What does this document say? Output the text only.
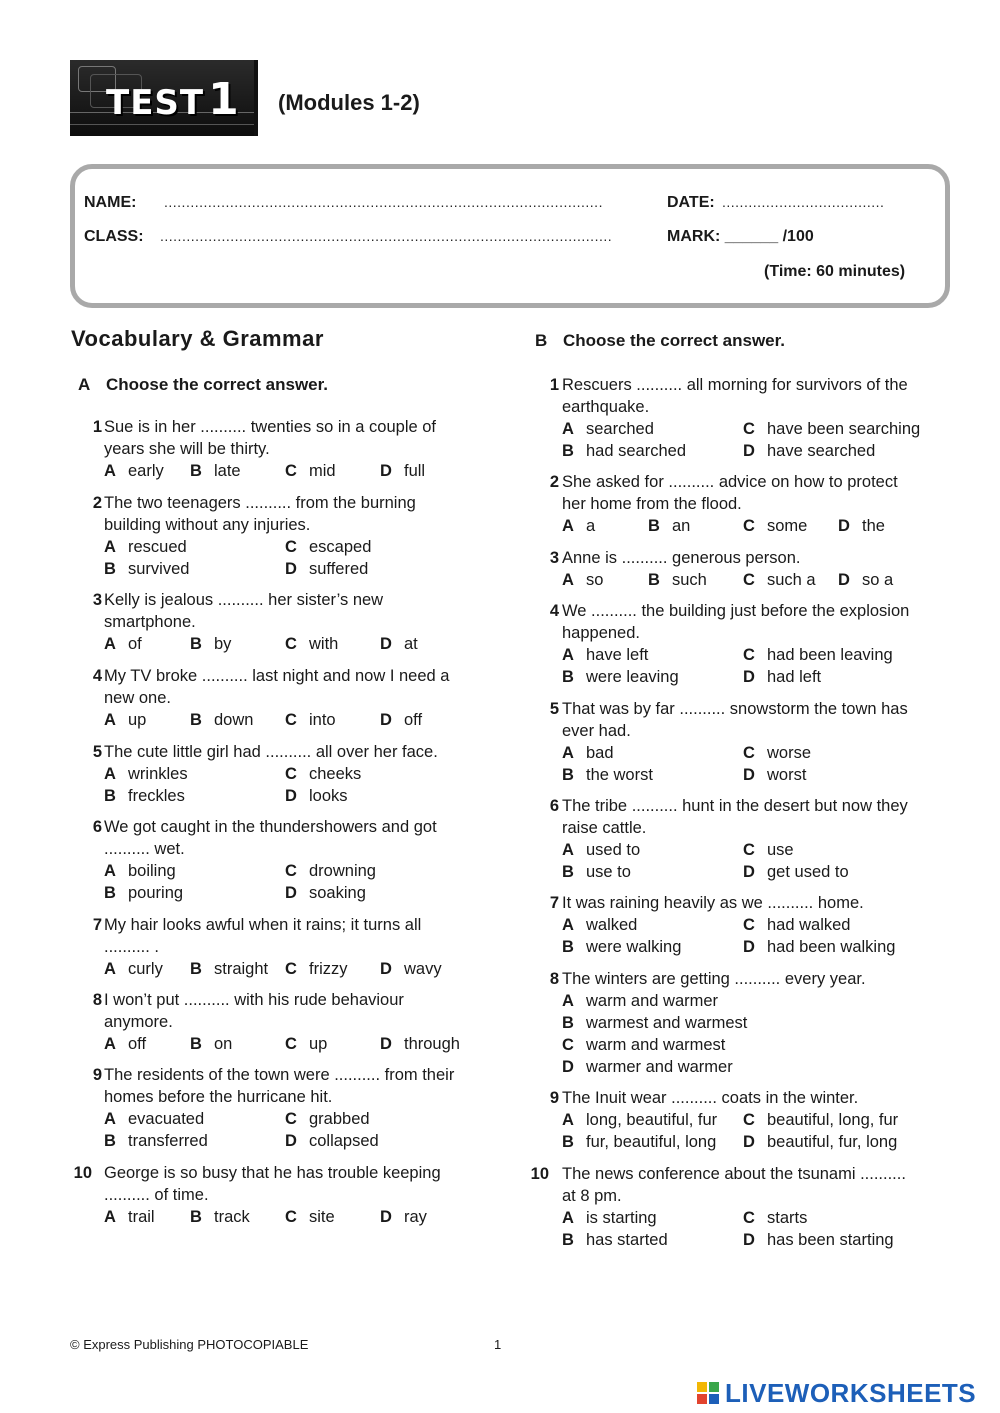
TEST1 (Modules 1-2)
NAME: ....................................................................................................	DATE: .....................................
CLASS: .......................................................................................................	MARK: ______ /100
(Time: 60 minutes)
Vocabulary & Grammar
A Choose the correct answer.
B Choose the correct answer.
1 Sue is in her .......... twenties so in a couple of
years she will be thirty.
A early B late	C mid	D full
2 The two teenagers .......... from the burning
building without any injuries.
A rescued
B survived
C escaped
D suffered
3 Kelly is jealous .......... her sister’s new
smartphone.
A of	B by	C with	D at
4 My TV broke .......... last night and now I need a
new one.
A up	B down C into	D off
5 The cute little girl had .......... all over her face.
A wrinkles
B freckles
C cheeks
D looks
6 We got caught in the thundershowers and got
.......... wet.
A boiling
B pouring
C drowning
D soaking
7 My hair looks awful when it rains; it turns all
.......... .
A curly B straight C frizzy D wavy
8 I won’t put .......... with his rude behaviour
anymore.
A off	B on	C up	D through
9 The residents of the town were .......... from their
homes before the hurricane hit.
A evacuated
B transferred
C grabbed
D collapsed
10 George is so busy that he has trouble keeping
.......... of time.
A trail B track C site	D ray
1 Rescuers .......... all morning for survivors of the
earthquake.
A searched
B had searched
C have been searching
D have searched
2 She asked for .......... advice on how to protect
her home from the flood.
A a	B an	C some D the
3 Anne is .......... generous person.
A so	B such C such a D so a
4 We .......... the building just before the explosion
happened.
A have left
B were leaving
C had been leaving
D had left
5 That was by far .......... snowstorm the town has
ever had.
A bad
B the worst
C worse
D worst
6 The tribe .......... hunt in the desert but now they
raise cattle.
A used to
B use to
C use
D get used to
7 It was raining heavily as we .......... home.
A walked
B were walking
C had walked
D had been walking
8 The winters are getting .......... every year.
A warm and warmer
B warmest and warmest
C warm and warmest
D warmer and warmer
9 The Inuit wear .......... coats in the winter.
A long, beautiful, fur
B fur, beautiful, long
C beautiful, long, fur
D beautiful, fur, long
10 The news conference about the tsunami ..........
at 8 pm.
A is starting
B has started
C starts
D has been starting
© Express Publishing PHOTOCOPIABLE	1
LIVEWORKSHEETS
